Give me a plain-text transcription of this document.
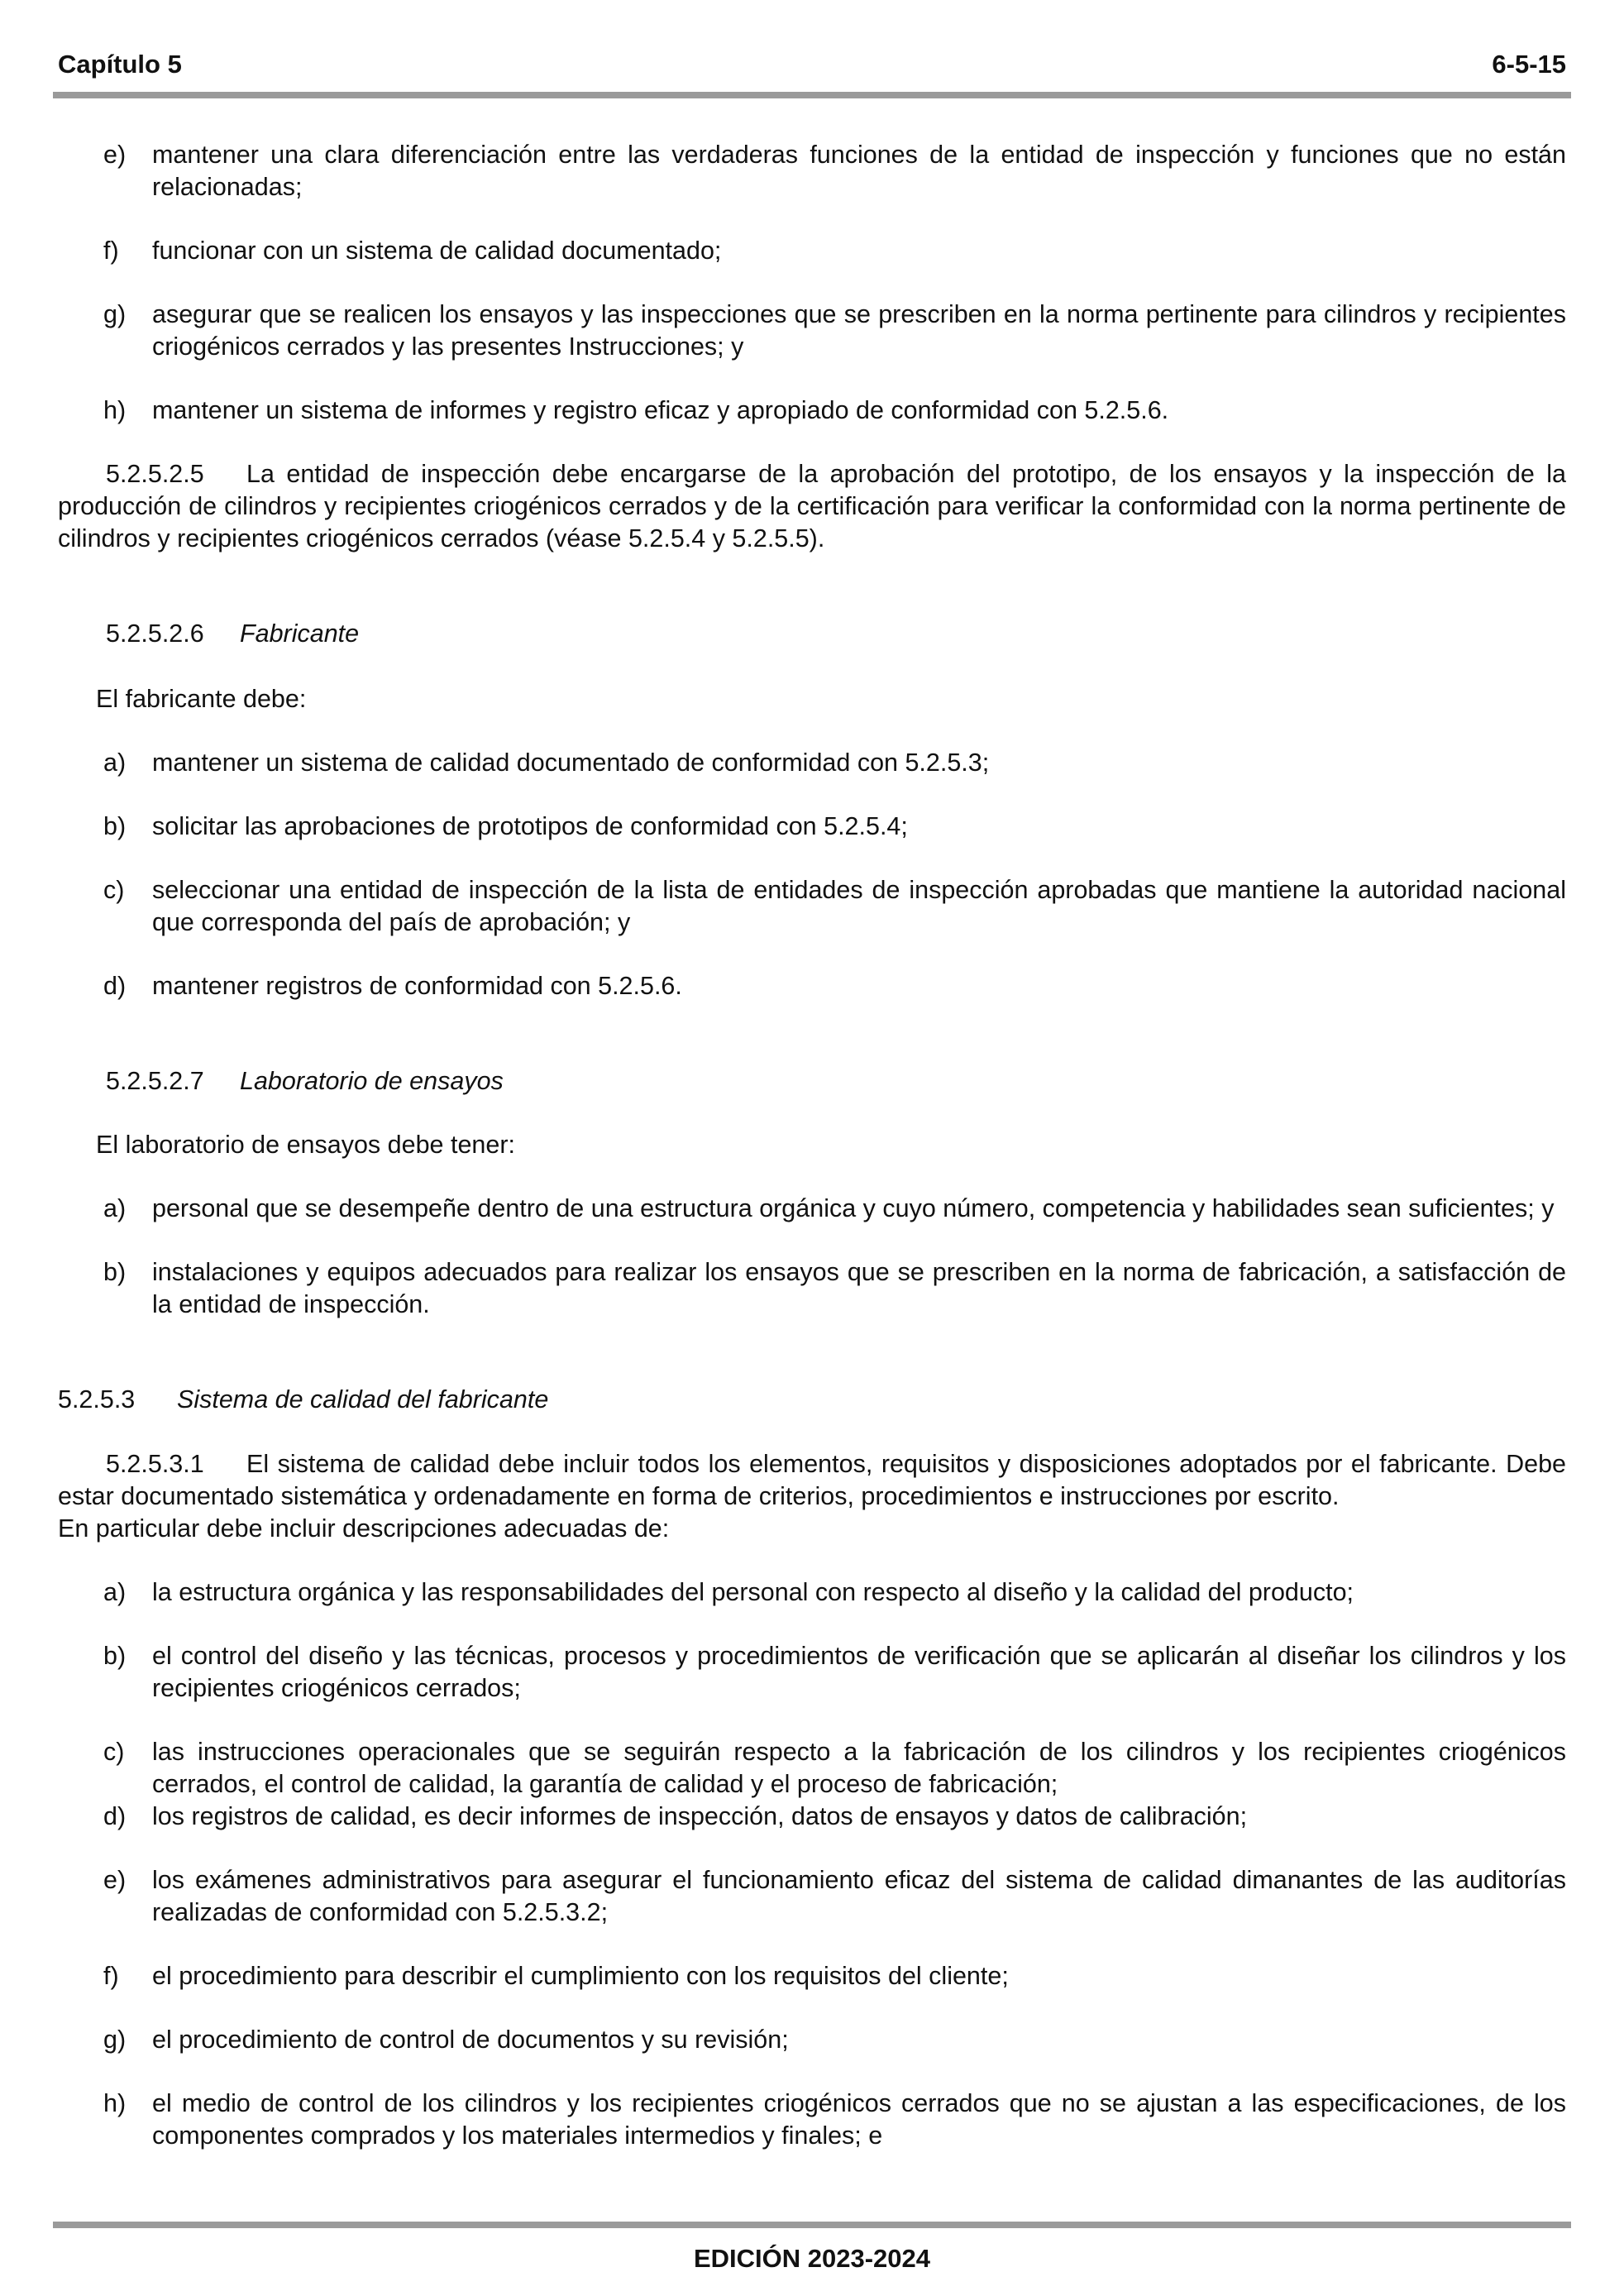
Capítulo 5	6-5-15
e) mantener una clara diferenciación entre las verdaderas funciones de la entidad de inspección y funciones que no están relacionadas;
f) funcionar con un sistema de calidad documentado;
g) asegurar que se realicen los ensayos y las inspecciones que se prescriben en la norma pertinente para cilindros y recipientes criogénicos cerrados y las presentes Instrucciones; y
h) mantener un sistema de informes y registro eficaz y apropiado de conformidad con 5.2.5.6.
5.2.5.2.5 La entidad de inspección debe encargarse de la aprobación del prototipo, de los ensayos y la inspección de la producción de cilindros y recipientes criogénicos cerrados y de la certificación para verificar la conformidad con la norma pertinente de cilindros y recipientes criogénicos cerrados (véase 5.2.5.4 y 5.2.5.5).
5.2.5.2.6 Fabricante
El fabricante debe:
a) mantener un sistema de calidad documentado de conformidad con 5.2.5.3;
b) solicitar las aprobaciones de prototipos de conformidad con 5.2.5.4;
c) seleccionar una entidad de inspección de la lista de entidades de inspección aprobadas que mantiene la autoridad nacional que corresponda del país de aprobación; y
d) mantener registros de conformidad con 5.2.5.6.
5.2.5.2.7 Laboratorio de ensayos
El laboratorio de ensayos debe tener:
a) personal que se desempeñe dentro de una estructura orgánica y cuyo número, competencia y habilidades sean suficientes; y
b) instalaciones y equipos adecuados para realizar los ensayos que se prescriben en la norma de fabricación, a satisfacción de la entidad de inspección.
5.2.5.3 Sistema de calidad del fabricante
5.2.5.3.1 El sistema de calidad debe incluir todos los elementos, requisitos y disposiciones adoptados por el fabricante. Debe estar documentado sistemática y ordenadamente en forma de criterios, procedimientos e instrucciones por escrito.
En particular debe incluir descripciones adecuadas de:
a) la estructura orgánica y las responsabilidades del personal con respecto al diseño y la calidad del producto;
b) el control del diseño y las técnicas, procesos y procedimientos de verificación que se aplicarán al diseñar los cilindros y los recipientes criogénicos cerrados;
c) las instrucciones operacionales que se seguirán respecto a la fabricación de los cilindros y los recipientes criogénicos cerrados, el control de calidad, la garantía de calidad y el proceso de fabricación;
d) los registros de calidad, es decir informes de inspección, datos de ensayos y datos de calibración;
e) los exámenes administrativos para asegurar el funcionamiento eficaz del sistema de calidad dimanantes de las auditorías realizadas de conformidad con 5.2.5.3.2;
f) el procedimiento para describir el cumplimiento con los requisitos del cliente;
g) el procedimiento de control de documentos y su revisión;
h) el medio de control de los cilindros y los recipientes criogénicos cerrados que no se ajustan a las especificaciones, de los componentes comprados y los materiales intermedios y finales; e
EDICIÓN 2023-2024
